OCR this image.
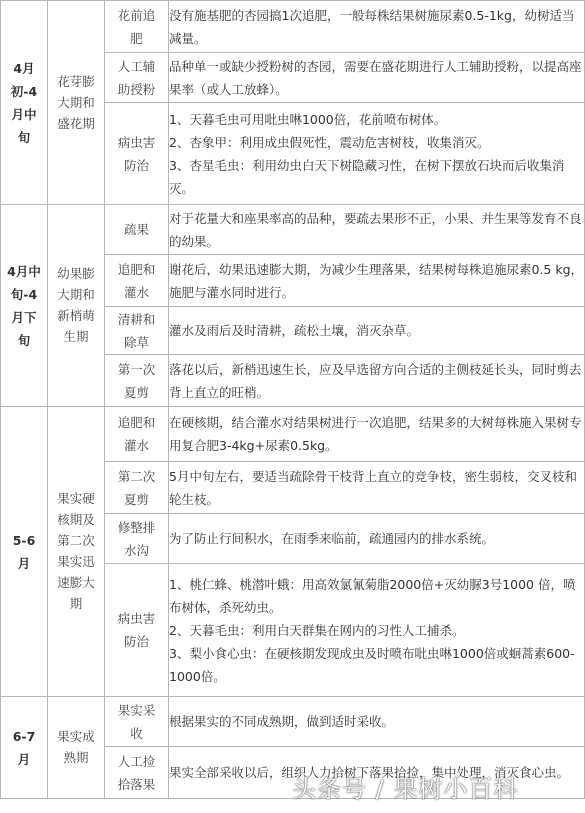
4月初-4月中旬	花芽膨大期和盛花期	花前追肥	没有施基肥的杏园搞1次追肥，一般每株结果树施尿素0.5-1kg，幼树适当减量。
		人工辅助授粉	品种单一或缺少授粉树的杏园，需要在盛花期进行人工辅助授粉，以提高座果率（或人工放蜂）。
		病虫害防治	1、天暮毛虫可用吡虫啉1000倍，花前喷布树体。
2、杏象甲：利用成虫假死性，震动危害树枝，收集消灭。
3、杏星毛虫：利用幼虫白天下树隐藏习性，在树下摆放石块而后收集消灭。

4月中旬-4月下旬	幼果膨大期和新梢萌生期	疏果	对于花量大和座果率高的品种，要疏去果形不正，小果、并生果等发育不良的幼果。
		追肥和灌水	谢花后，幼果迅速膨大期，为减少生理落果，结果树每株追施尿素0.5 kg，施肥与灌水同时进行。
		清耕和除草	灌水及雨后及时清耕，疏松土壤，消灭杂草。
		第一次夏剪	落花以后，新梢迅速生长，应及早选留方向合适的主侧枝延长头，同时剪去背上直立的旺梢。
5-6月	果实硬核期及第二次果实迅速膨大期	追肥和灌水	在硬核期，结合灌水对结果树进行一次追肥，结果多的大树每株施入果树专用复合肥3-4kg+尿素0.5kg。
		第二次夏剪	5月中旬左右，要适当疏除骨干枝背上直立的竞争枝，密生弱枝，交叉枝和轮生枝。
		修整排水沟	为了防止行间积水，在雨季来临前，疏通园内的排水系统。
		病虫害防治	1、桃仁蜂、桃潜叶蛾：用高效氯氰菊脂2000倍+灭幼脲3号1000 倍，喷布树体，杀死幼虫。
2、天暮毛虫：利用白天群集在网内的习性人工捕杀。
3、梨小食心虫：在硬核期发现成虫及时喷布吡虫啉1000倍或蛔蒿素600-1000倍。

6-7月	果实成熟期	果实采收	根据果实的不同成熟期，做到适时采收。
		人工捡拾落果	果实全部采收以后，组织人力拾树下落果拾捡，集中处理，消灭食心虫。
头条号 / 果树小百科
